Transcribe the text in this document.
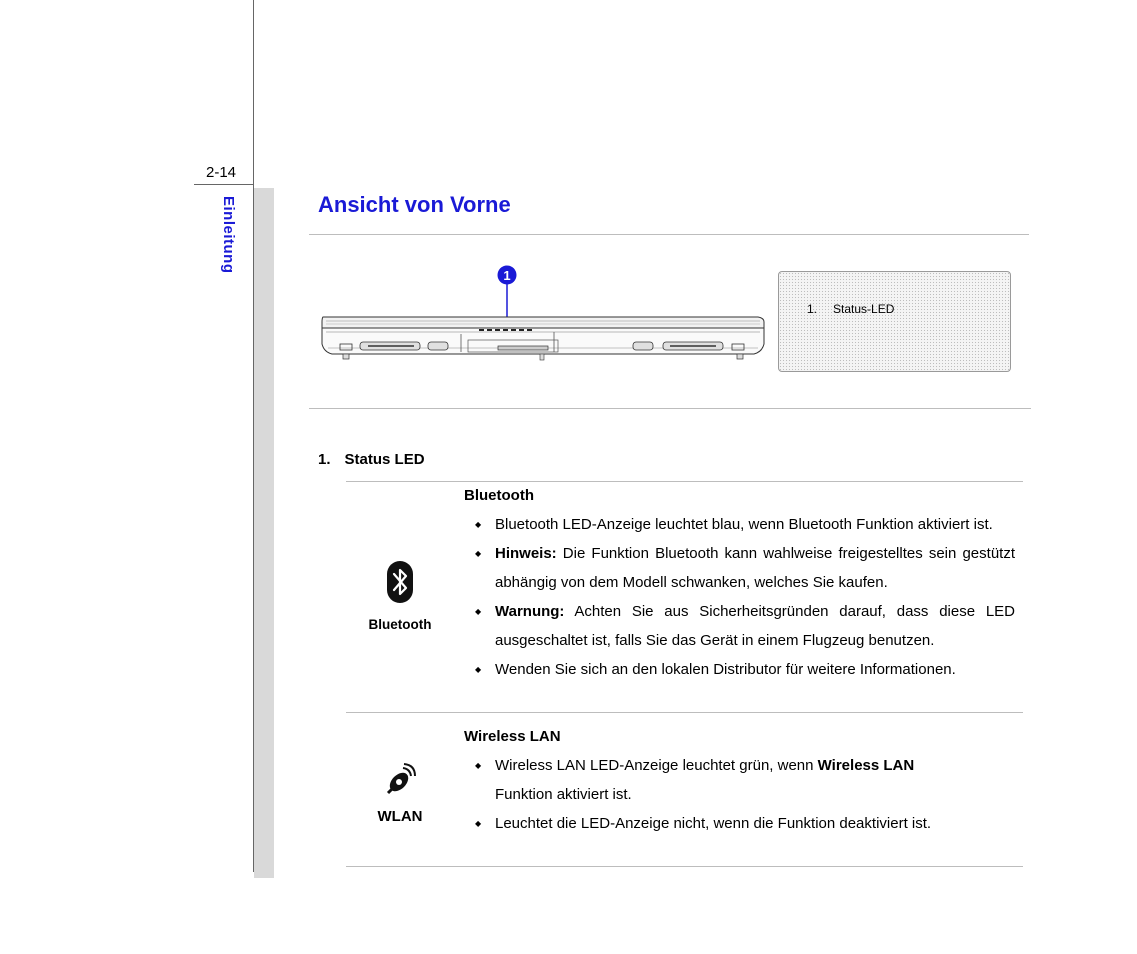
2-14
Einleitung	Ansicht von Vorne
1
1. Status-LED
1. Status LED
Bluetooth
Bluetooth
◆ Bluetooth LED-Anzeige leuchtet blau, wenn Bluetooth Funktion aktiviert ist.
◆ Hinweis: Die Funktion Bluetooth kann wahlweise freigestelltes sein gestützt abhängig von dem Modell schwanken, welches Sie kaufen.
◆ Warnung: Achten Sie aus Sicherheitsgründen darauf, dass diese LED ausgeschaltet ist, falls Sie das Gerät in einem Flugzeug benutzen.
◆ Wenden Sie sich an den lokalen Distributor für weitere Informationen.
WLAN
Wireless LAN
◆ Wireless LAN LED-Anzeige leuchtet grün, wenn Wireless LAN Funktion aktiviert ist.
◆ Leuchtet die LED-Anzeige nicht, wenn die Funktion deaktiviert ist.
